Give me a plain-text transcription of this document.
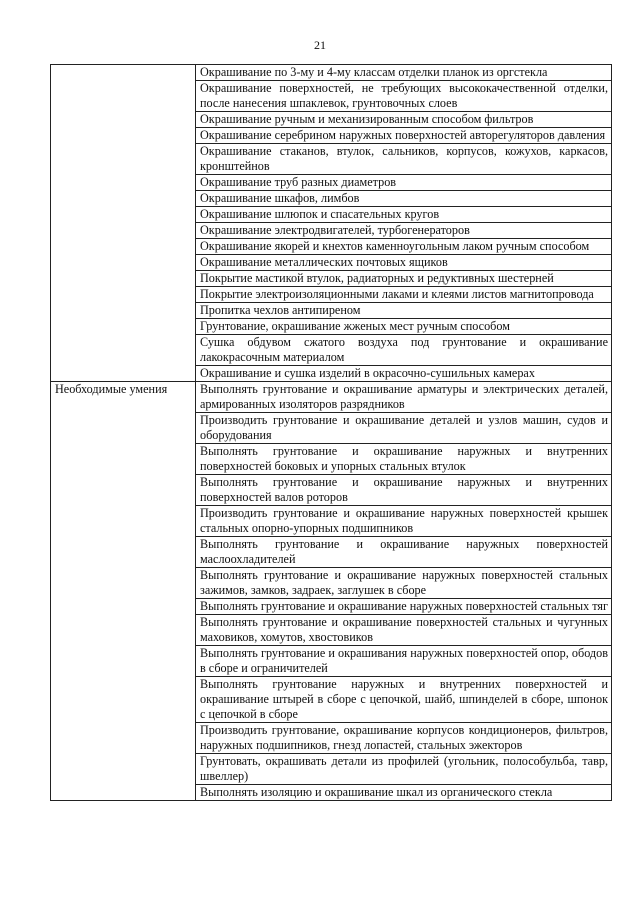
21
	Окрашивание по 3-му и 4-му классам отделки планок из оргстекла
	Окрашивание поверхностей, не требующих высококачественной отделки, после нанесения шпаклевок, грунтовочных слоев
	Окрашивание ручным и механизированным способом фильтров
	Окрашивание серебрином наружных поверхностей авторегуляторов давления
	Окрашивание стаканов, втулок, сальников, корпусов, кожухов, каркасов, кронштейнов
	Окрашивание труб разных диаметров
	Окрашивание шкафов, лимбов
	Окрашивание шлюпок и спасательных кругов
	Окрашивание электродвигателей, турбогенераторов
	Окрашивание якорей и кнехтов каменноугольным лаком ручным способом
	Окрашивание металлических почтовых ящиков
	Покрытие мастикой втулок, радиаторных и редуктивных шестерней
	Покрытие электроизоляционными лаками и клеями листов магнитопровода
	Пропитка чехлов антипиреном
	Грунтование, окрашивание жженых мест ручным способом
	Сушка обдувом сжатого воздуха под грунтование и окрашивание лакокрасочным материалом
	Окрашивание и сушка изделий в окрасочно-сушильных камерах
Необходимые умения	Выполнять грунтование и окрашивание арматуры и электрических деталей, армированных изоляторов разрядников
	Производить грунтование и окрашивание деталей и узлов машин, судов и оборудования
	Выполнять грунтование и окрашивание наружных и внутренних поверхностей боковых и упорных стальных втулок
	Выполнять грунтование и окрашивание наружных и внутренних поверхностей валов роторов
	Производить грунтование и окрашивание наружных поверхностей крышек стальных опорно-упорных подшипников
	Выполнять грунтование и окрашивание наружных поверхностей маслоохладителей
	Выполнять грунтование и окрашивание наружных поверхностей стальных зажимов, замков, задраек, заглушек в сборе
	Выполнять грунтование и окрашивание наружных поверхностей стальных тяг
	Выполнять грунтование и окрашивание поверхностей стальных и чугунных маховиков, хомутов, хвостовиков
	Выполнять грунтование и окрашивания наружных поверхностей опор, ободов в сборе и ограничителей
	Выполнять грунтование наружных и внутренних поверхностей и окрашивание штырей в сборе с цепочкой, шайб, шпинделей в сборе, шпонок с цепочкой в сборе
	Производить грунтование, окрашивание корпусов кондиционеров, фильтров, наружных подшипников, гнезд лопастей, стальных эжекторов
	Грунтовать, окрашивать детали из профилей (угольник, полособульба, тавр, швеллер)
	Выполнять изоляцию и окрашивание шкал из органического стекла
